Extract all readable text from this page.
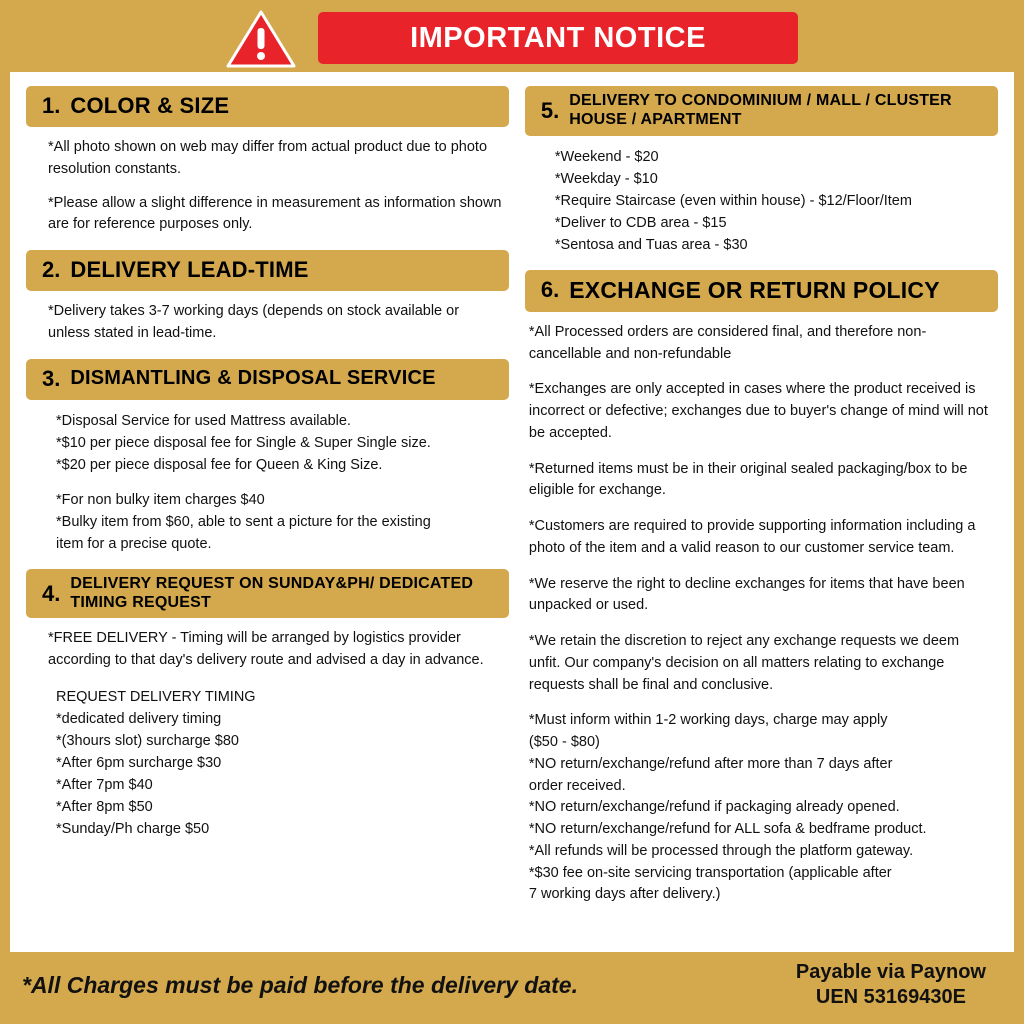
IMPORTANT NOTICE
1. COLOR & SIZE

*All photo shown on web may differ from actual product due to photo resolution constants.

*Please allow a slight difference in measurement as information shown are for reference purposes only.

2. DELIVERY LEAD-TIME

*Delivery takes 3-7 working days (depends on stock available or unless stated in lead-time.

3. DISMANTLING & DISPOSAL SERVICE
*Disposal Service for used Mattress available.
*$10 per piece disposal fee for Single & Super Single size.
*$20 per piece disposal fee for Queen & King Size.
*For non bulky item charges $40
*Bulky item from $60, able to sent a picture for the existing
item for a precise quote.
4. DELIVERY REQUEST ON SUNDAY&PH/ DEDICATED TIMING REQUEST

*FREE DELIVERY - Timing will be arranged by logistics provider according to that day's delivery route and advised a day in advance.

REQUEST DELIVERY TIMING
*dedicated delivery timing
*(3hours slot) surcharge $80
*After 6pm surcharge $30
*After 7pm $40
*After 8pm $50
*Sunday/Ph charge $50
5. DELIVERY TO CONDOMINIUM / MALL / CLUSTER HOUSE / APARTMENT
*Weekend - $20
*Weekday - $10
*Require Staircase (even within house) - $12/Floor/Item
*Deliver to CDB area - $15
*Sentosa and Tuas area - $30
6. EXCHANGE OR RETURN POLICY

*All Processed orders are considered final, and therefore non-cancellable and non-refundable

*Exchanges are only accepted in cases where the product received is incorrect or defective; exchanges due to buyer's change of mind will not be accepted.

*Returned items must be in their original sealed packaging/box to be eligible for exchange.

*Customers are required to provide supporting information including a photo of the item and a valid reason to our customer service team.

*We reserve the right to decline exchanges for items that have been unpacked or used.

*We retain the discretion to reject any exchange requests we deem unfit. Our company's decision on all matters relating to exchange requests shall be final and conclusive.

*Must inform within 1-2 working days, charge may apply
($50 - $80)
*NO return/exchange/refund after more than 7 days after
order received.
*NO return/exchange/refund if packaging already opened.
*NO return/exchange/refund for ALL sofa & bedframe product.
*All refunds will be processed through the platform gateway.
*$30 fee on-site servicing transportation (applicable after
7 working days after delivery.)
*All Charges must be paid before the delivery date.	Payable via Paynow
UEN 53169430E
